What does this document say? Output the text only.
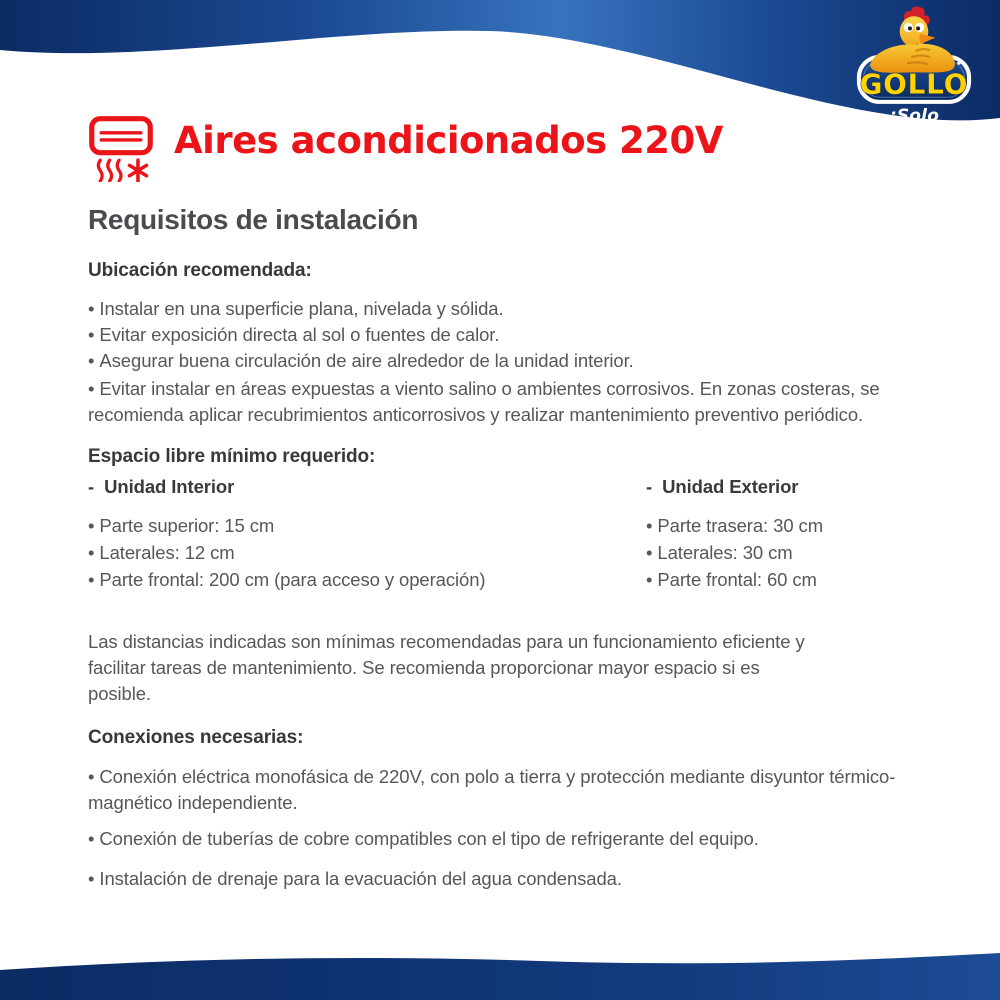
GOLLO
¡Solo bueno!
Aires acondicionados 220V
Requisitos de instalación
Ubicación recomendada:
• Instalar en una superficie plana, nivelada y sólida.
• Evitar exposición directa al sol o fuentes de calor.
• Asegurar buena circulación de aire alrededor de la unidad interior.
• Evitar instalar en áreas expuestas a viento salino o ambientes corrosivos. En zonas costeras, se recomienda aplicar recubrimientos anticorrosivos y realizar mantenimiento preventivo periódico.
Espacio libre mínimo requerido:
-  Unidad Interior
• Parte superior: 15 cm
• Laterales: 12 cm
• Parte frontal: 200 cm (para acceso y operación)
-  Unidad Exterior
• Parte trasera: 30 cm
• Laterales: 30 cm
• Parte frontal: 60 cm
Las distancias indicadas son mínimas recomendadas para un funcionamiento eficiente y facilitar tareas de mantenimiento. Se recomienda proporcionar mayor espacio si es posible.
Conexiones necesarias:
• Conexión eléctrica monofásica de 220V, con polo a tierra y protección mediante disyuntor térmico-magnético independiente.
• Conexión de tuberías de cobre compatibles con el tipo de refrigerante del equipo.
• Instalación de drenaje para la evacuación del agua condensada.
